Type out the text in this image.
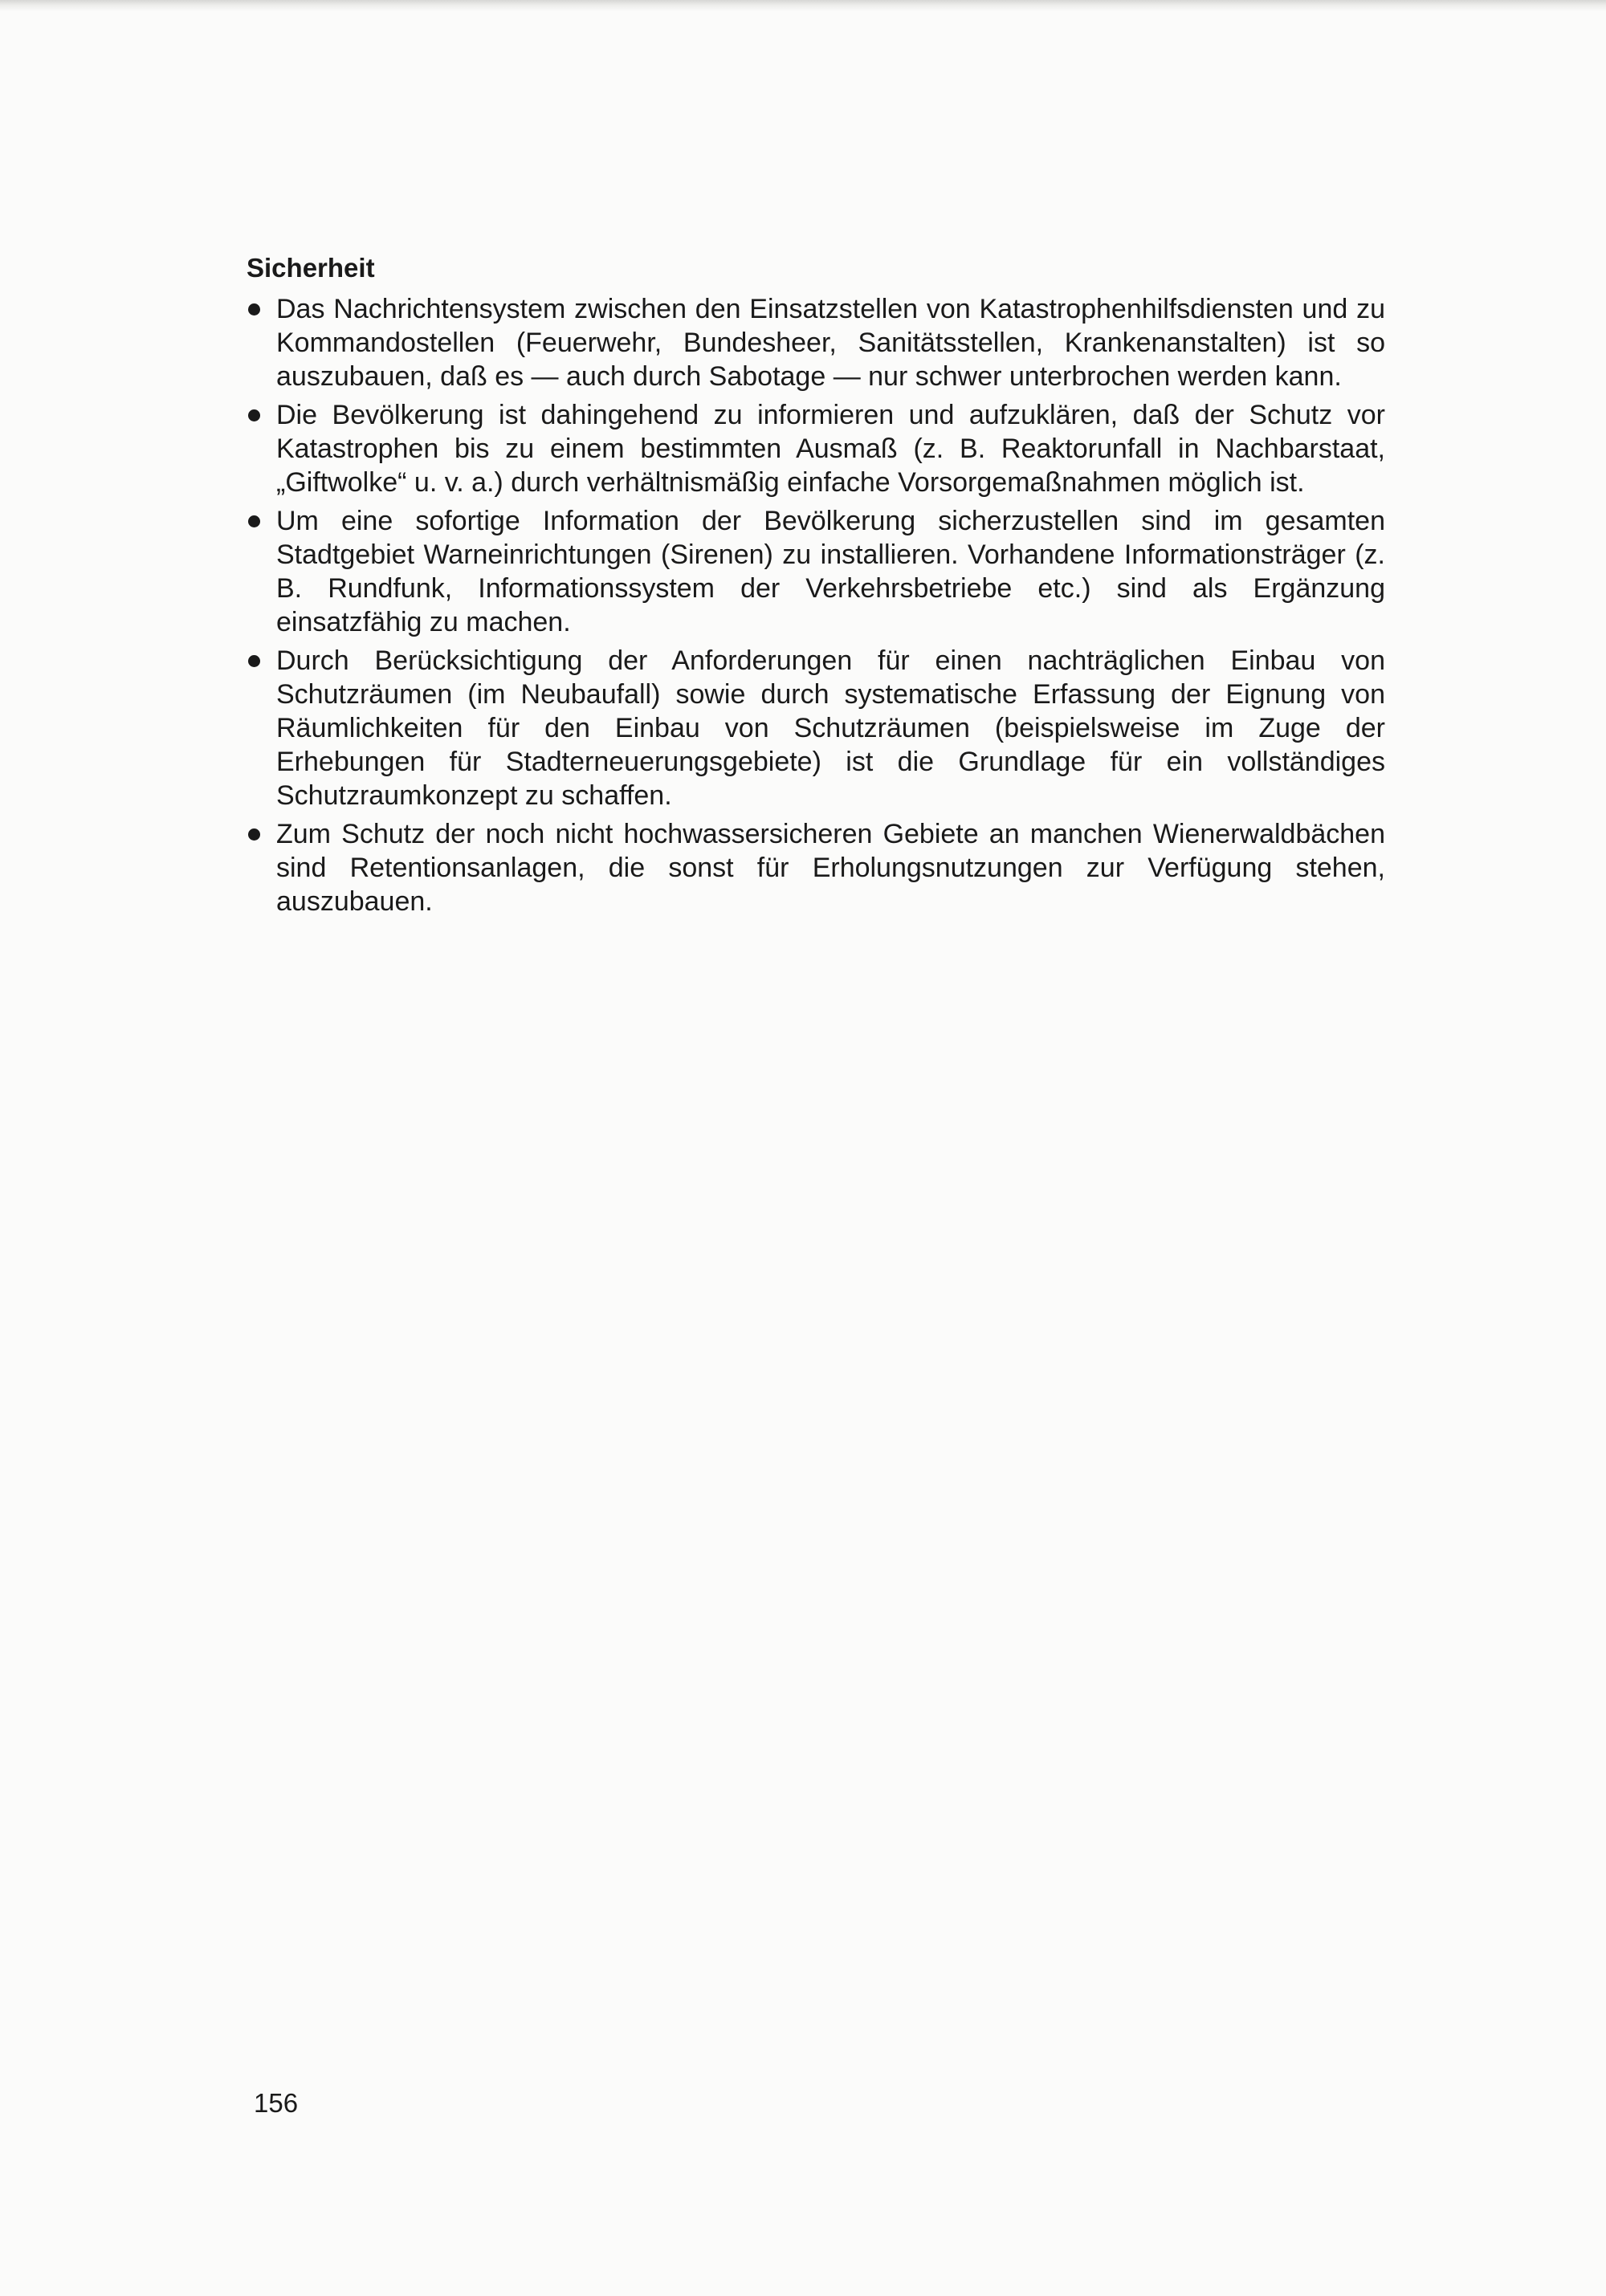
Sicherheit
Das Nachrichtensystem zwischen den Einsatzstellen von Katastrophenhilfsdiensten und zu Kommandostellen (Feuerwehr, Bundesheer, Sanitätsstellen, Krankenanstalten) ist so auszubauen, daß es — auch durch Sabotage — nur schwer unterbrochen werden kann.
Die Bevölkerung ist dahingehend zu informieren und aufzuklären, daß der Schutz vor Katastrophen bis zu einem bestimmten Ausmaß (z. B. Reaktorunfall in Nachbarstaat, „Giftwolke“ u. v. a.) durch verhältnismäßig einfache Vorsorgemaßnahmen möglich ist.
Um eine sofortige Information der Bevölkerung sicherzustellen sind im gesamten Stadtgebiet Warneinrichtungen (Sirenen) zu installieren. Vorhandene Informationsträger (z. B. Rundfunk, Informationssystem der Verkehrsbetriebe etc.) sind als Ergänzung einsatzfähig zu machen.
Durch Berücksichtigung der Anforderungen für einen nachträglichen Einbau von Schutzräumen (im Neubaufall) sowie durch systematische Erfassung der Eignung von Räumlichkeiten für den Einbau von Schutzräumen (beispielsweise im Zuge der Erhebungen für Stadterneuerungsgebiete) ist die Grundlage für ein vollständiges Schutzraumkonzept zu schaffen.
Zum Schutz der noch nicht hochwassersicheren Gebiete an manchen Wienerwaldbächen sind Retentionsanlagen, die sonst für Erholungsnutzungen zur Verfügung stehen, auszubauen.
156
